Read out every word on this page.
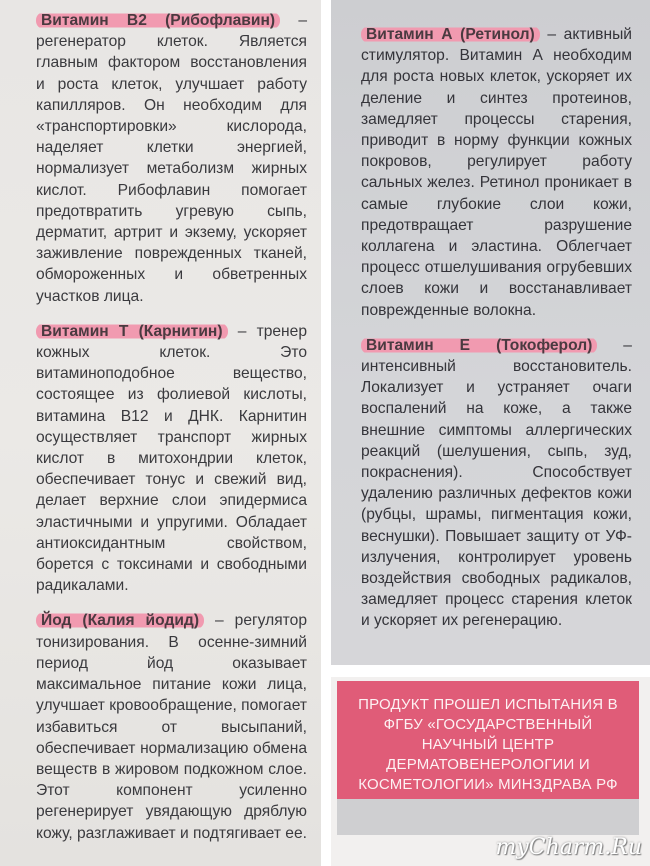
Витамин В2 (Рибофлавин) – регенератор клеток. Является главным фактором восстановления и роста клеток, улучшает работу капилляров. Он необходим для «транспортировки» кислорода, наделяет клетки энергией, нормализует метаболизм жирных кислот. Рибофлавин помогает предотвратить угревую сыпь, дерматит, артрит и экзему, ускоряет заживление поврежденных тканей, обмороженных и обветренных участков лица.

Витамин Т (Карнитин) – тренер кожных клеток. Это витаминоподобное вещество, состоящее из фолиевой кислоты, витамина В12 и ДНК. Карнитин осуществляет транспорт жирных кислот в митохондрии клеток, обеспечивает тонус и свежий вид, делает верхние слои эпидермиса эластичными и упругими. Обладает антиоксидантным свойством, борется с токсинами и свободными радикалами.

Йод (Калия йодид) – регулятор тонизирования. В осенне-зимний период йод оказывает максимальное питание кожи лица, улучшает кровообращение, помогает избавиться от высыпаний, обеспечивает нормализацию обмена веществ в жировом подкожном слое. Этот компонент усиленно регенерирует увядающую дряблую кожу, разглаживает и подтягивает ее.

Витамин А (Ретинол) – активный стимулятор. Витамин А необходим для роста новых клеток, ускоряет их деление и синтез протеинов, замедляет процессы старения, приводит в норму функции кожных покровов, регулирует работу сальных желез. Ретинол проникает в самые глубокие слои кожи, предотвращает разрушение коллагена и эластина. Облегчает процесс отшелушивания огрубевших слоев кожи и восстанавливает поврежденные волокна.

Витамин Е (Токоферол) – интенсивный восстановитель. Локализует и устраняет очаги воспалений на коже, а также внешние симптомы аллергических реакций (шелушения, сыпь, зуд, покраснения). Способствует удалению различных дефектов кожи (рубцы, шрамы, пигментация кожи, веснушки). Повышает защиту от УФ-излучения, контролирует уровень воздействия свободных радикалов, замедляет процесс старения клеток и ускоряет их регенерацию.

ПРОДУКТ ПРОШЕЛ ИСПЫТАНИЯ В ФГБУ «ГОСУДАРСТВЕННЫЙ НАУЧНЫЙ ЦЕНТР ДЕРМАТОВЕНЕРОЛОГИИ И КОСМЕТОЛОГИИ» МИНЗДРАВА РФ
myCharm.Ru
